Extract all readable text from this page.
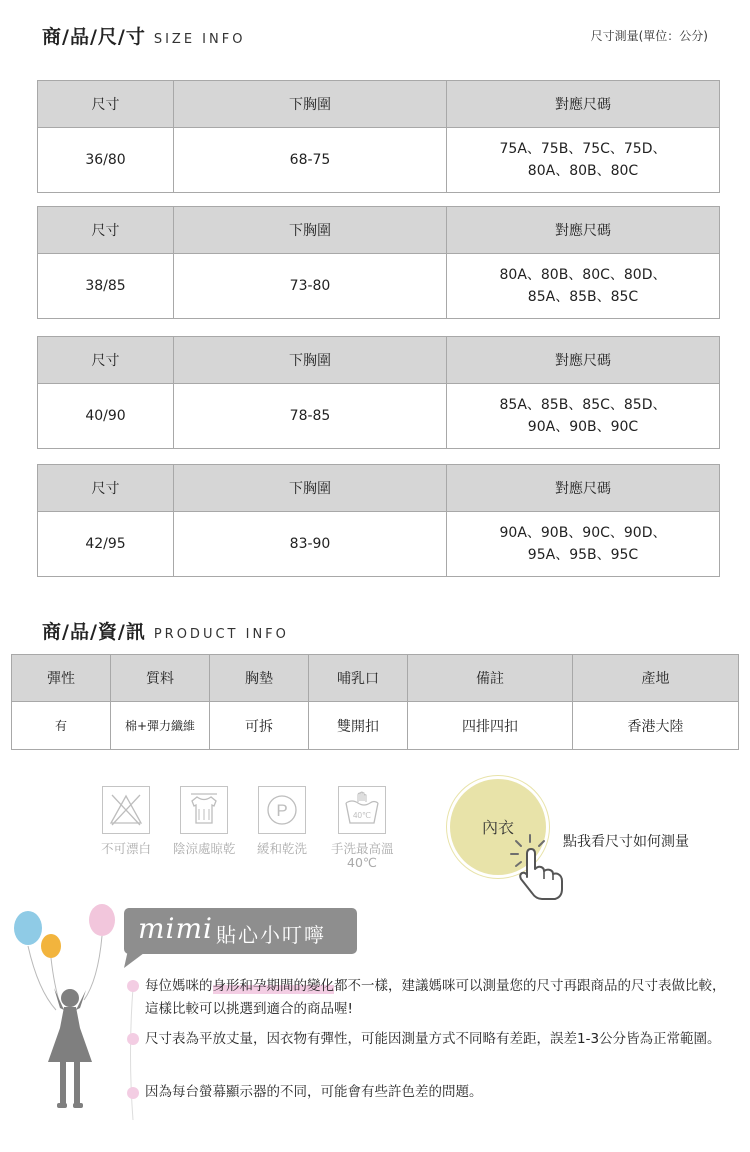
商/品/尺/寸 SIZE INFO	尺寸測量(單位：公分)
尺寸	下胸圍	對應尺碼
36/80	68-75	75A、75B、75C、75D、
80A、80B、80C
尺寸	下胸圍	對應尺碼
38/85	73-80	80A、80B、80C、80D、
85A、85B、85C
尺寸	下胸圍	對應尺碼
40/90	78-85	85A、85B、85C、85D、
90A、90B、90C
尺寸	下胸圍	對應尺碼
42/95	83-90	90A、90B、90C、90D、
95A、95B、95C
商/品/資/訊 PRODUCT INFO
彈性	質料	胸墊	哺乳口	備註	產地
有	棉+彈力纖維	可拆	雙開扣	四排四扣	香港大陸
不可漂白	陰涼處晾乾
P
緩和乾洗
40℃
手洗最高溫
40℃
內衣
點我看尺寸如何測量
mimi 貼心小叮嚀
每位媽咪的身形和孕期間的變化都不一樣，建議媽咪可以測量您的尺寸再跟商品的尺寸表做比較，這樣比較可以挑選到適合的商品喔!
尺寸表為平放丈量，因衣物有彈性，可能因測量方式不同略有差距，誤差1-3公分皆為正常範圍。
因為每台螢幕顯示器的不同，可能會有些許色差的問題。
